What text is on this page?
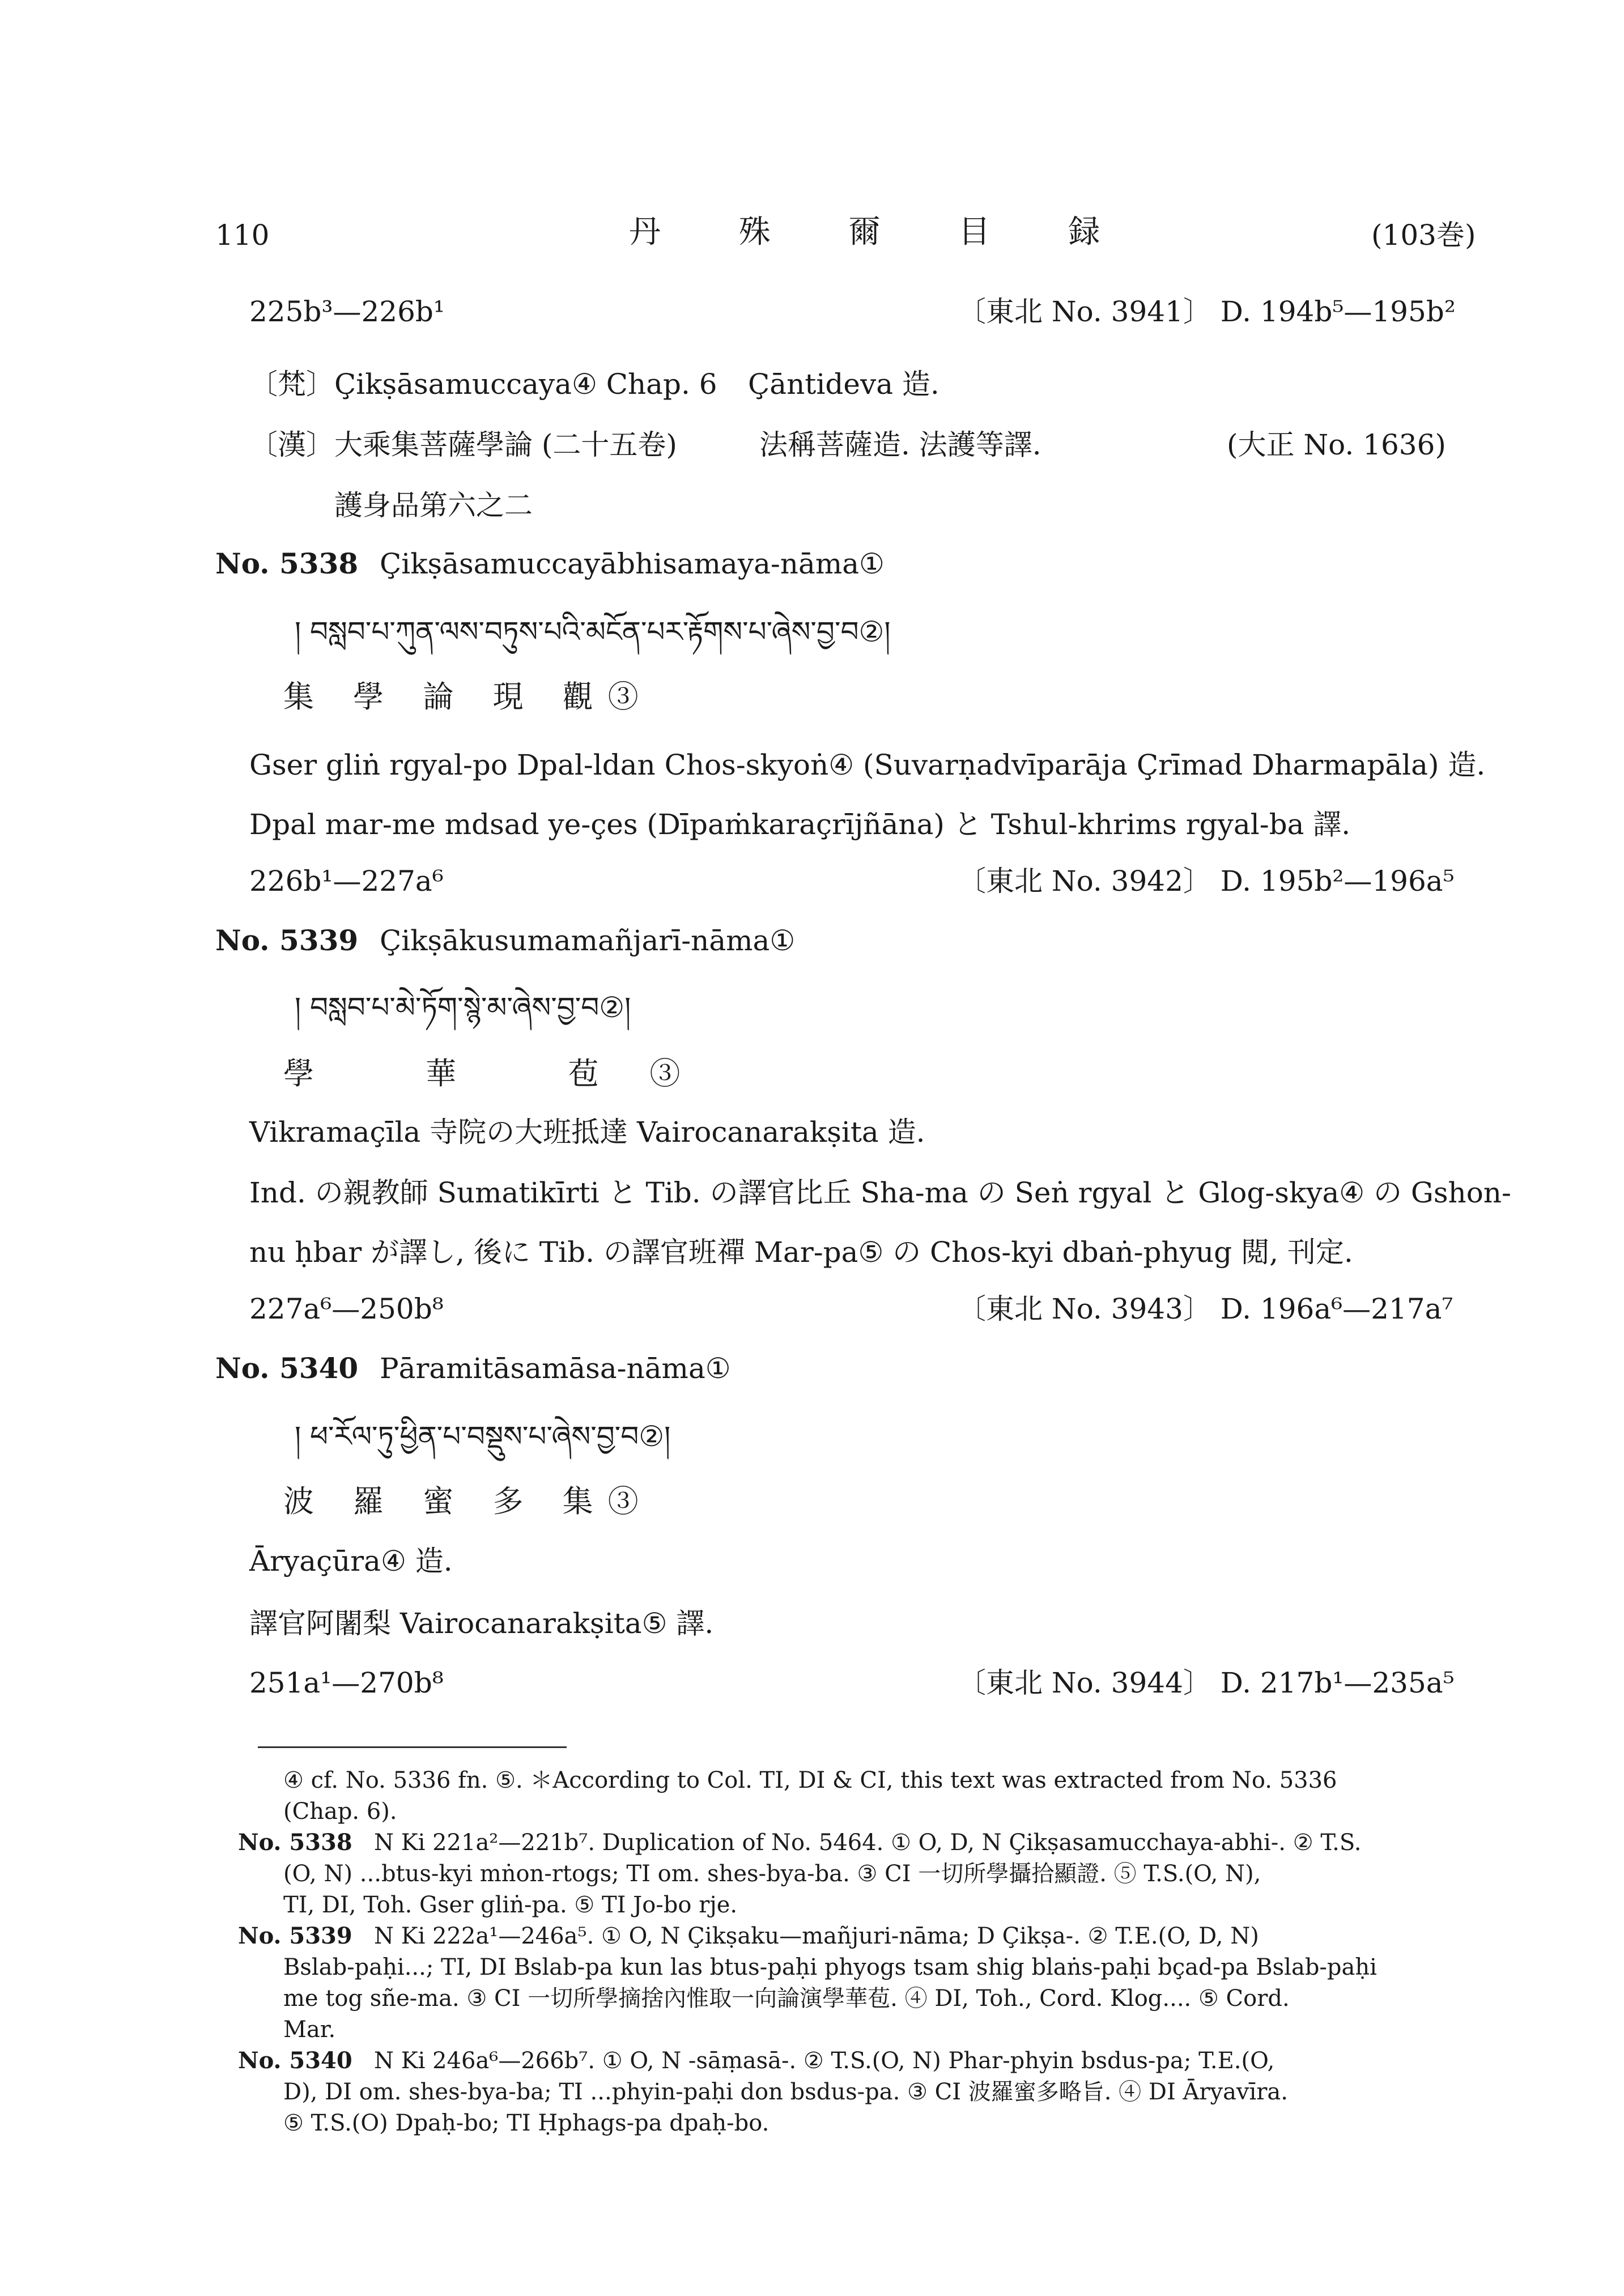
110	丹 殊 爾 目 録	(103巻)
225b³—226b¹	〔東北 No. 3941〕 D. 194b⁵—195b²
〔梵〕 Çikṣāsamuccaya④ Chap. 6 Çāntideva 造.
〔漢〕 大乘集菩薩學論 (二十五卷)	法稱菩薩造. 法護等譯.	(大正 No. 1636)
護身品第六之二
No. 5338 Çikṣāsamuccayābhisamaya-nāma①
། བསླབ་པ་ཀུན་ལས་བཏུས་པའི་མངོན་པར་རྟོགས་པ་ཞེས་བྱ་བ②།
集 學 論 現 觀③
Gser gliṅ rgyal-po Dpal-ldan Chos-skyoṅ④ (Suvarṇadvīparāja Çrīmad Dharmapāla) 造.
Dpal mar-me mdsad ye-çes (Dīpaṁkaraçrījñāna) と Tshul-khrims rgyal-ba 譯.
226b¹—227a⁶	〔東北 No. 3942〕 D. 195b²—196a⁵
No. 5339 Çikṣākusumamañjarī-nāma①
། བསླབ་པ་མེ་ཏོག་སྙེ་མ་ཞེས་བྱ་བ②།
學 華 苞③
Vikramaçīla 寺院の大班抵達 Vairocanarakṣita 造.
Ind. の親教師 Sumatikīrti と Tib. の譯官比丘 Sha-ma の Seṅ rgyal と Glog-skya④ の Gshon-
nu ḥbar が譯し, 後に Tib. の譯官班禪 Mar-pa⑤ の Chos-kyi dbaṅ-phyug 閲, 刊定.
227a⁶—250b⁸	〔東北 No. 3943〕 D. 196a⁶—217a⁷
No. 5340 Pāramitāsamāsa-nāma①
། ཕ་རོལ་ཏུ་ཕྱིན་པ་བསྡུས་པ་ཞེས་བྱ་བ②།
波 羅 蜜 多 集③
Āryaçūra④ 造.
譯官阿闍梨 Vairocanarakṣita⑤ 譯.
251a¹—270b⁸	〔東北 No. 3944〕 D. 217b¹—235a⁵
④ cf. No. 5336 fn. ⑤. ＊According to Col. TI, DI & CI, this text was extracted from No. 5336
(Chap. 6).
No. 5338 N Ki 221a²—221b⁷. Duplication of No. 5464. ① O, D, N Çikṣasamucchaya-abhi-. ② T.S.
(O, N) ...btus-kyi mṅon-rtogs; TI om. shes-bya-ba. ③ CI 一切所學攝拾顯證. ⑤ T.S.(O, N),
TI, DI, Toh. Gser gliṅ-pa. ⑤ TI Jo-bo rje.
No. 5339 N Ki 222a¹—246a⁵. ① O, N Çikṣaku—mañjuri-nāma; D Çikṣa-. ② T.E.(O, D, N)
Bslab-paḥi...; TI, DI Bslab-pa kun las btus-paḥi phyogs tsam shig blaṅs-paḥi bçad-pa Bslab-paḥi
me tog sñe-ma. ③ CI 一切所學摘捨內惟取一向論演學華苞. ④ DI, Toh., Cord. Klog.... ⑤ Cord.
Mar.
No. 5340 N Ki 246a⁶—266b⁷. ① O, N -sāṃasā-. ② T.S.(O, N) Phar-phyin bsdus-pa; T.E.(O,
D), DI om. shes-bya-ba; TI ...phyin-paḥi don bsdus-pa. ③ CI 波羅蜜多略旨. ④ DI Āryavīra.
⑤ T.S.(O) Dpaḥ-bo; TI Ḥphags-pa dpaḥ-bo.
